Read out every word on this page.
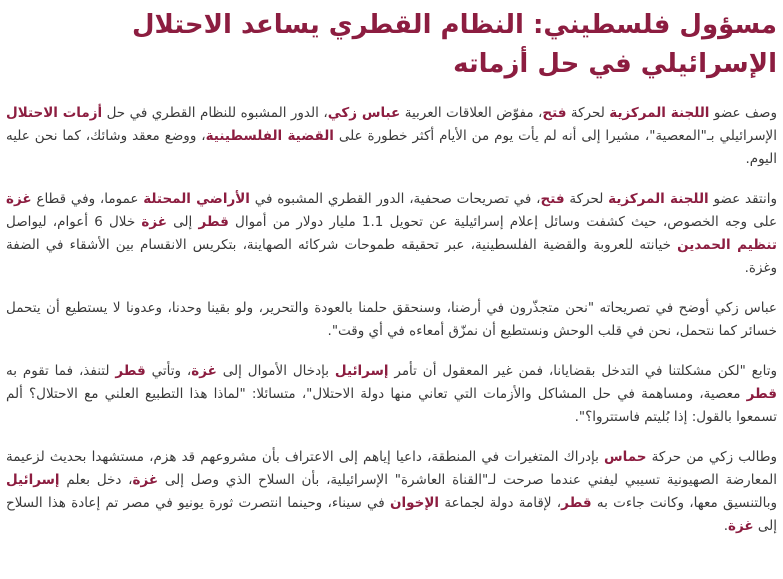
مسؤول فلسطيني: النظام القطري يساعد الاحتلال الإسرائيلي في حل أزماته

وصف عضو اللجنة المركزية لحركة فتح، مفوّض العلاقات العربية عباس زكي، الدور المشبوه للنظام القطري في حل أزمات الاحتلال الإسرائيلي بـ"المعصية"، مشيرا إلى أنه لم يأت يوم من الأيام أكثر خطورة على القضية الفلسطينية، ووضع معقد وشائك، كما نحن عليه اليوم.

وانتقد عضو اللجنة المركزية لحركة فتح، في تصريحات صحفية، الدور القطري المشبوه في الأراضي المحتلة عموما، وفي قطاع غزة على وجه الخصوص، حيث كشفت وسائل إعلام إسرائيلية عن تحويل 1.1 مليار دولار من أموال قطر إلى غزة خلال 6 أعوام، ليواصل تنظيم الحمدين خيانته للعروبة والقضية الفلسطينية، عبر تحقيقه طموحات شركائه الصهاينة، بتكريس الانقسام بين الأشقاء في الضفة وغزة.

عباس زكي أوضح في تصريحاته "نحن متجذّرون في أرضنا، وسنحقق حلمنا بالعودة والتحرير، ولو بقينا وحدنا، وعدونا لا يستطيع أن يتحمل خسائر كما نتحمل، نحن في قلب الوحش ونستطيع أن نمزّق أمعاءه في أي وقت".

وتابع "لكن مشكلتنا في التدخل بقضايانا، فمن غير المعقول أن تأمر إسرائيل بإدخال الأموال إلى غزة، وتأتي قطر لتنفذ، فما تقوم به قطر معصية، ومساهمة في حل المشاكل والأزمات التي تعاني منها دولة الاحتلال"، متسائلا: "لماذا هذا التطبيع العلني مع الاحتلال؟ ألم تسمعوا بالقول: إذا بُليتم فاستتروا؟".

وطالب زكي من حركة حماس بإدراك المتغيرات في المنطقة، داعيا إياهم إلى الاعتراف بأن مشروعهم قد هزم، مستشهدا بحديث لزعيمة المعارضة الصهيونية تسيبي ليفني عندما صرحت لـ"القناة العاشرة" الإسرائيلية، بأن السلاح الذي وصل إلى غزة، دخل بعلم إسرائيل وبالتنسيق معها، وكانت جاءت به قطر، لإقامة دولة لجماعة الإخوان في سيناء، وحينما انتصرت ثورة يونيو في مصر تم إعادة هذا السلاح إلى غزة.
